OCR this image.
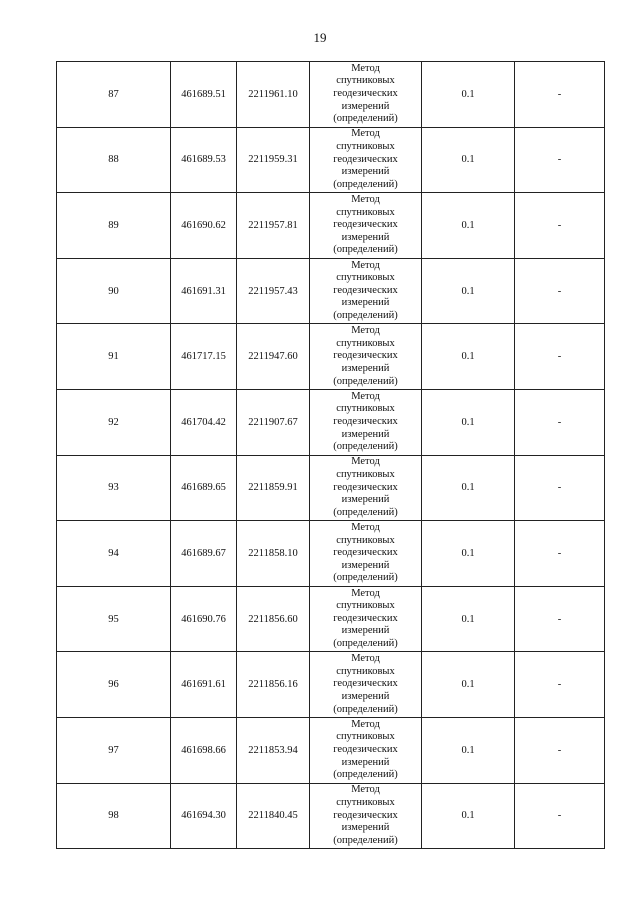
19
87	461689.51	2211961.10	Метод
спутниковых
геодезических
измерений
(определений)	0.1	-
88	461689.53	2211959.31	Метод
спутниковых
геодезических
измерений
(определений)	0.1	-
89	461690.62	2211957.81	Метод
спутниковых
геодезических
измерений
(определений)	0.1	-
90	461691.31	2211957.43	Метод
спутниковых
геодезических
измерений
(определений)	0.1	-
91	461717.15	2211947.60	Метод
спутниковых
геодезических
измерений
(определений)	0.1	-
92	461704.42	2211907.67	Метод
спутниковых
геодезических
измерений
(определений)	0.1	-
93	461689.65	2211859.91	Метод
спутниковых
геодезических
измерений
(определений)	0.1	-
94	461689.67	2211858.10	Метод
спутниковых
геодезических
измерений
(определений)	0.1	-
95	461690.76	2211856.60	Метод
спутниковых
геодезических
измерений
(определений)	0.1	-
96	461691.61	2211856.16	Метод
спутниковых
геодезических
измерений
(определений)	0.1	-
97	461698.66	2211853.94	Метод
спутниковых
геодезических
измерений
(определений)	0.1	-
98	461694.30	2211840.45	Метод
спутниковых
геодезических
измерений
(определений)	0.1	-
